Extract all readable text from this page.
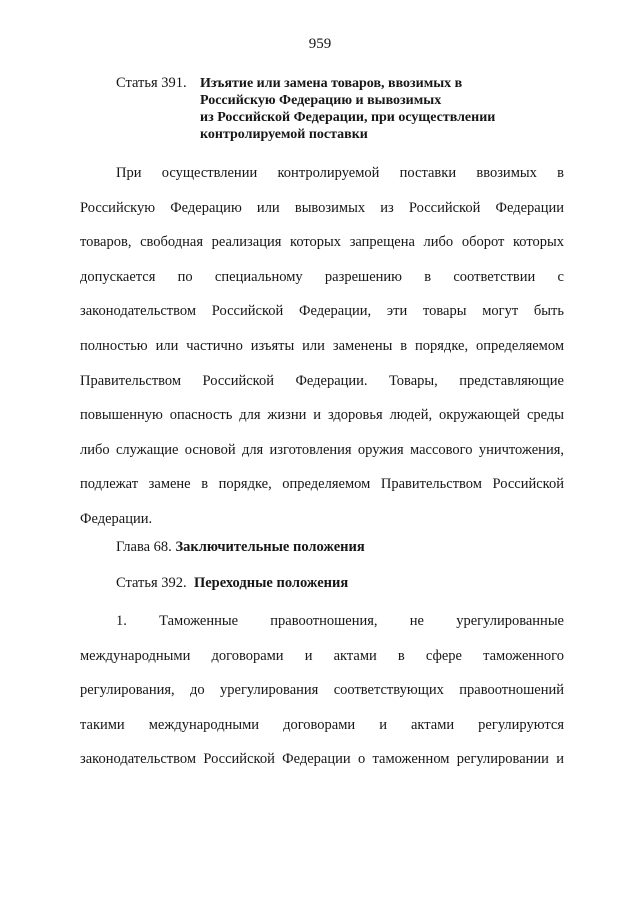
959
Статья 391. Изъятие или замена товаров, ввозимых в
Российскую Федерацию и вывозимых
из Российской Федерации, при осуществлении
контролируемой поставки
При осуществлении контролируемой поставки ввозимых в
Российскую Федерацию или вывозимых из Российской Федерации
товаров, свободная реализация которых запрещена либо оборот которых
допускается по специальному разрешению в соответствии с
законодательством Российской Федерации, эти товары могут быть
полностью или частично изъяты или заменены в порядке, определяемом
Правительством Российской Федерации. Товары, представляющие
повышенную опасность для жизни и здоровья людей, окружающей среды
либо служащие основой для изготовления оружия массового уничтожения,
подлежат замене в порядке, определяемом Правительством Российской
Федерации.
Глава 68. Заключительные положения
Статья 392. Переходные положения
1. Таможенные правоотношения, не урегулированные
международными договорами и актами в сфере таможенного
регулирования, до урегулирования соответствующих правоотношений
такими международными договорами и актами регулируются
законодательством Российской Федерации о таможенном регулировании и
